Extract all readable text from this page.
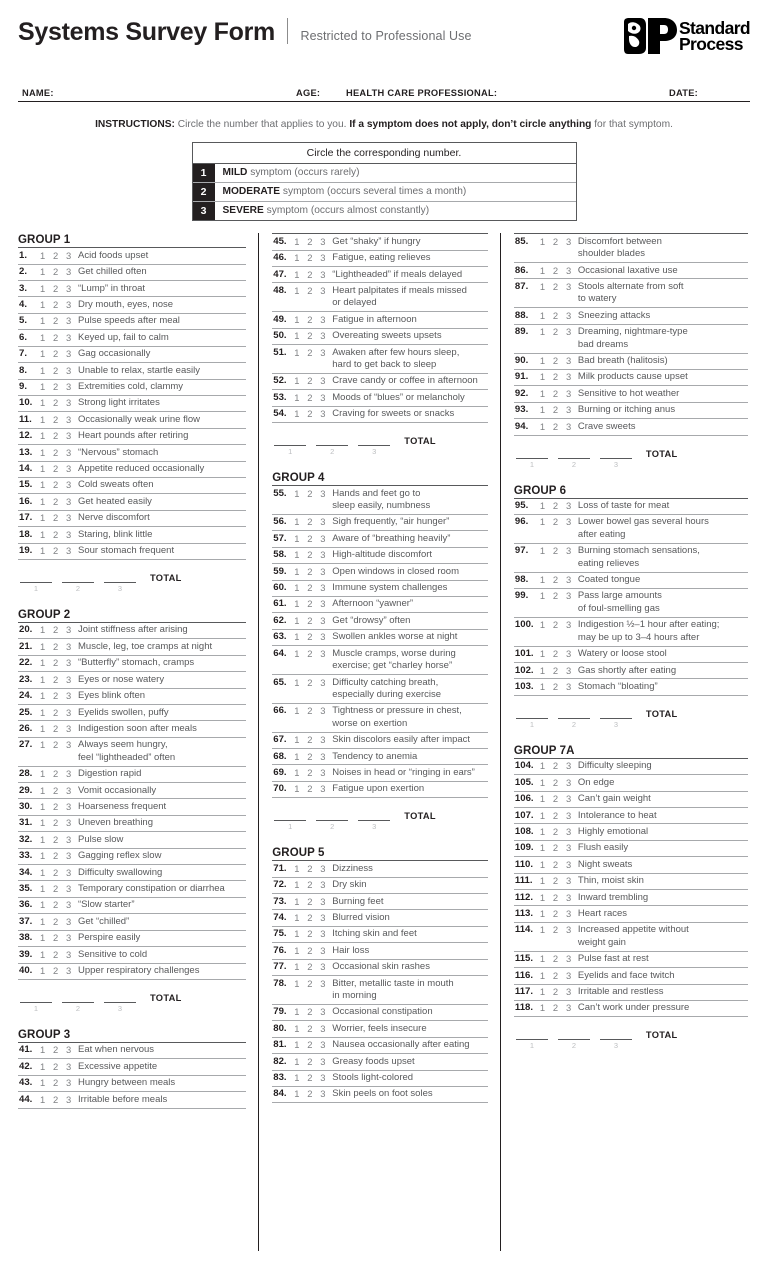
Systems Survey Form Restricted to Professional Use	Standard
Process
NAME:	AGE:	HEALTH CARE PROFESSIONAL:	DATE:
INSTRUCTIONS: Circle the number that applies to you. If a symptom does not apply, don’t circle anything for that symptom.
Circle the corresponding number.
1	MILD symptom (occurs rarely)
2	MODERATE symptom (occurs several times a month)
3	SEVERE symptom (occurs almost constantly)
GROUP 1
1.	1 2 3 Acid foods upset
2.	1 2 3 Get chilled often
3.	1 2 3 “Lump” in throat
4.	1 2 3 Dry mouth, eyes, nose
5.	1 2 3 Pulse speeds after meal
6.	1 2 3 Keyed up, fail to calm
7.	1 2 3 Gag occasionally
8.	1 2 3 Unable to relax, startle easily
9.	1 2 3 Extremities cold, clammy
10. 1 2 3 Strong light irritates
11. 1 2 3 Occasionally weak urine flow
12. 1 2 3 Heart pounds after retiring
13. 1 2 3 “Nervous” stomach
14. 1 2 3 Appetite reduced occasionally
15. 1 2 3 Cold sweats often
16. 1 2 3 Get heated easily
17. 1 2 3 Nerve discomfort
18. 1 2 3 Staring, blink little
19. 1 2 3 Sour stomach frequent
1	2	3
TOTAL
GROUP 2
20. 1 2 3 Joint stiffness after arising
21. 1 2 3 Muscle, leg, toe cramps at night
22. 1 2 3 “Butterfly” stomach, cramps
23. 1 2 3 Eyes or nose watery
24. 1 2 3 Eyes blink often
25. 1 2 3 Eyelids swollen, puffy
26. 1 2 3 Indigestion soon after meals
27. 1 2 3 Always seem hungry,
feel “lightheaded” often
28. 1 2 3 Digestion rapid
29. 1 2 3 Vomit occasionally
30. 1 2 3 Hoarseness frequent
31. 1 2 3 Uneven breathing
32. 1 2 3 Pulse slow
33. 1 2 3 Gagging reflex slow
34. 1 2 3 Difficulty swallowing
35. 1 2 3 Temporary constipation or diarrhea
36. 1 2 3 “Slow starter”
37. 1 2 3 Get “chilled”
38. 1 2 3 Perspire easily
39. 1 2 3 Sensitive to cold
40. 1 2 3 Upper respiratory challenges
1	2	3
TOTAL
GROUP 3
41. 1 2 3 Eat when nervous
42. 1 2 3 Excessive appetite
43. 1 2 3 Hungry between meals
44. 1 2 3 Irritable before meals
45. 1 2 3 Get “shaky” if hungry
46. 1 2 3 Fatigue, eating relieves
47. 1 2 3 “Lightheaded” if meals delayed
48. 1 2 3 Heart palpitates if meals missed
or delayed
49. 1 2 3 Fatigue in afternoon
50. 1 2 3 Overeating sweets upsets
51. 1 2 3 Awaken after few hours sleep,
hard to get back to sleep
52. 1 2 3 Crave candy or coffee in afternoon
53. 1 2 3 Moods of “blues” or melancholy
54. 1 2 3 Craving for sweets or snacks
1	2	3
TOTAL
GROUP 4
55. 1 2 3 Hands and feet go to
sleep easily, numbness
56. 1 2 3 Sigh frequently, “air hunger”
57. 1 2 3 Aware of “breathing heavily”
58. 1 2 3 High-altitude discomfort
59. 1 2 3 Open windows in closed room
60. 1 2 3 Immune system challenges
61. 1 2 3 Afternoon “yawner”
62. 1 2 3 Get “drowsy” often
63. 1 2 3 Swollen ankles worse at night
64. 1 2 3 Muscle cramps, worse during
exercise; get “charley horse”
65. 1 2 3 Difficulty catching breath,
especially during exercise
66. 1 2 3 Tightness or pressure in chest,
worse on exertion
67. 1 2 3 Skin discolors easily after impact
68. 1 2 3 Tendency to anemia
69. 1 2 3 Noises in head or “ringing in ears”
70. 1 2 3 Fatigue upon exertion
1	2	3
TOTAL
GROUP 5
71. 1 2 3 Dizziness
72. 1 2 3 Dry skin
73. 1 2 3 Burning feet
74. 1 2 3 Blurred vision
75. 1 2 3 Itching skin and feet
76. 1 2 3 Hair loss
77. 1 2 3 Occasional skin rashes
78. 1 2 3 Bitter, metallic taste in mouth
in morning
79. 1 2 3 Occasional constipation
80. 1 2 3 Worrier, feels insecure
81. 1 2 3 Nausea occasionally after eating
82. 1 2 3 Greasy foods upset
83. 1 2 3 Stools light-colored
84. 1 2 3 Skin peels on foot soles
85.	1 2 3 Discomfort between
shoulder blades
86.	1 2 3 Occasional laxative use
87.	1 2 3 Stools alternate from soft
to watery
88.	1 2 3 Sneezing attacks
89.	1 2 3 Dreaming, nightmare-type
bad dreams
90.	1 2 3 Bad breath (halitosis)
91.	1 2 3 Milk products cause upset
92.	1 2 3 Sensitive to hot weather
93.	1 2 3 Burning or itching anus
94.	1 2 3 Crave sweets
1	2	3
TOTAL
GROUP 6
95.	1 2 3 Loss of taste for meat
96.	1 2 3 Lower bowel gas several hours
after eating
97.	1 2 3 Burning stomach sensations,
eating relieves
98.	1 2 3 Coated tongue
99.	1 2 3 Pass large amounts
of foul-smelling gas
100. 1 2 3 Indigestion ½–1 hour after eating;
may be up to 3–4 hours after
101. 1 2 3 Watery or loose stool
102. 1 2 3 Gas shortly after eating
103. 1 2 3 Stomach “bloating”
1	2	3
TOTAL
GROUP 7A
104. 1 2 3 Difficulty sleeping
105. 1 2 3 On edge
106. 1 2 3 Can’t gain weight
107. 1 2 3 Intolerance to heat
108. 1 2 3 Highly emotional
109. 1 2 3 Flush easily
110. 1 2 3 Night sweats
111. 1 2 3 Thin, moist skin
112. 1 2 3 Inward trembling
113. 1 2 3 Heart races
114. 1 2 3 Increased appetite without
weight gain
115. 1 2 3 Pulse fast at rest
116. 1 2 3 Eyelids and face twitch
117. 1 2 3 Irritable and restless
118. 1 2 3 Can’t work under pressure
1	2	3
TOTAL
